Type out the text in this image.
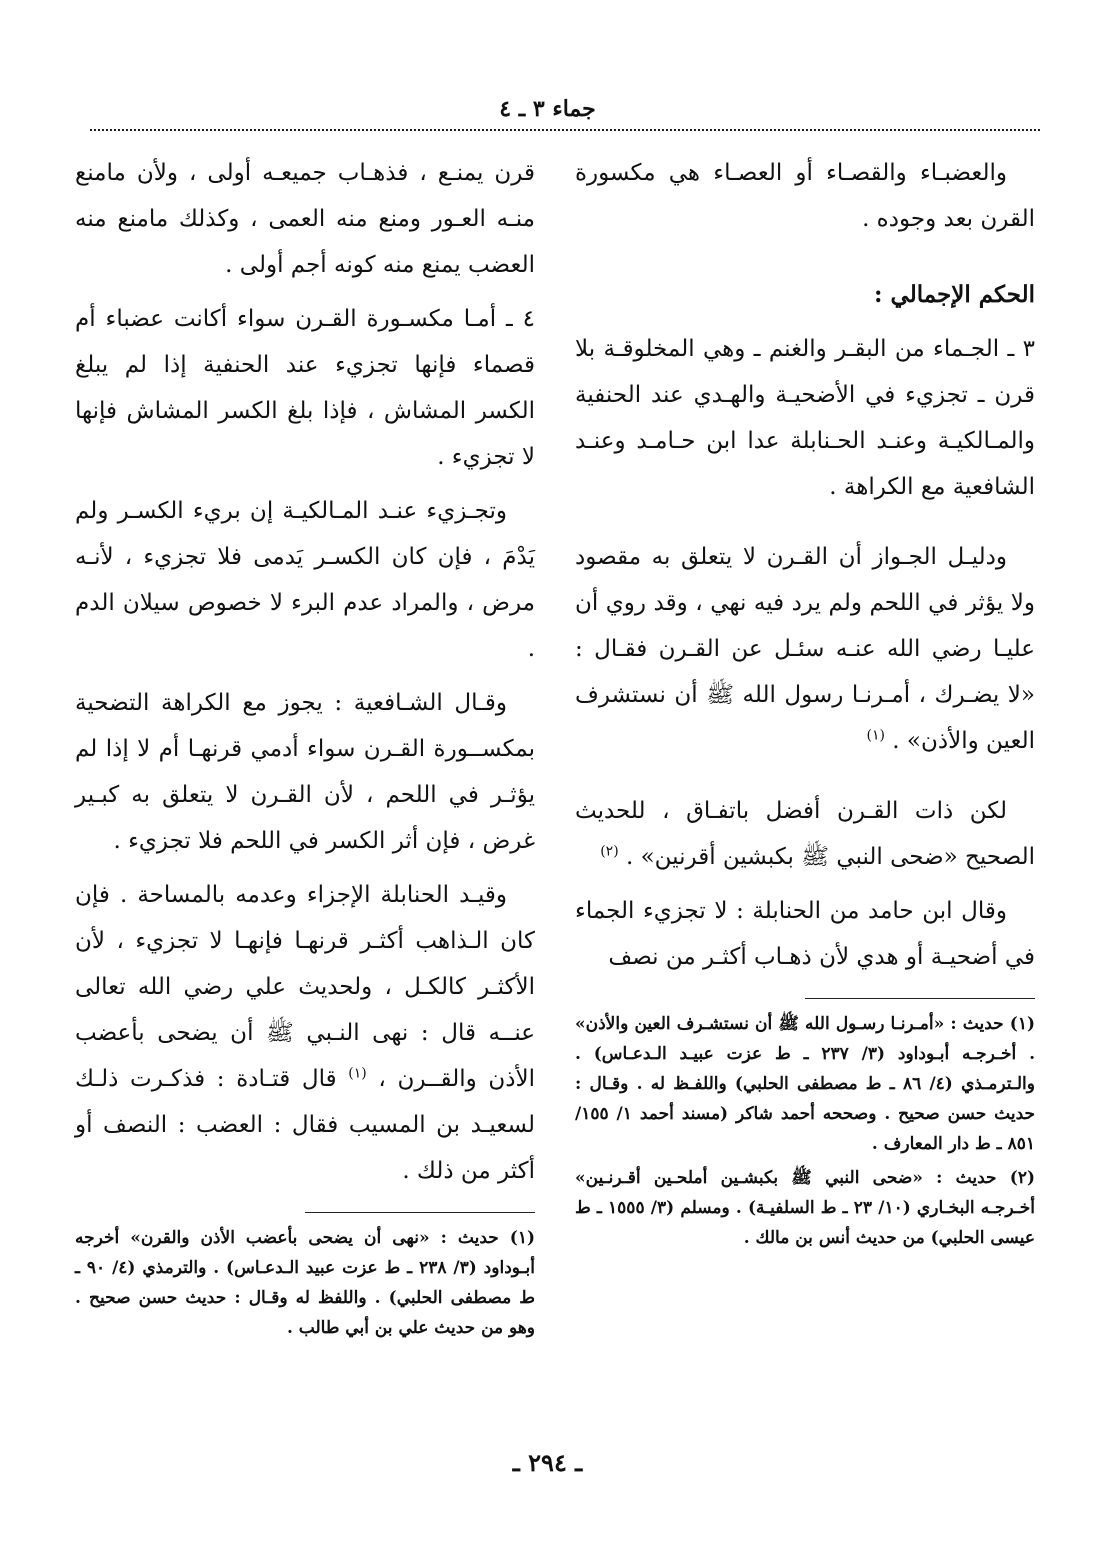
جماء ٣ ـ ٤

والعضبـاء والقصـاء أو العصـاء هي مكسورة القرن بعد وجوده .

الحكم الإجمالي :

٣ ـ الجـماء من البقـر والغنم ـ وهي المخلوقـة بلا قرن ـ تجزيء في الأضحيـة والهـدي عند الحنفية والمـالكيـة وعنـد الحـنابلة عدا ابن حـامـد وعنـد الشافعية مع الكراهة .

ودليـل الجـواز أن القـرن لا يتعلق به مقصود ولا يؤثر في اللحم ولم يرد فيه نهي ، وقد روي أن عليـا رضي الله عنـه سئـل عن القـرن فقـال : «لا يضـرك ، أمـرنـا رسول الله ﷺ أن نستشرف العين والأذن» . $^{(١)}$

لكن ذات القـرن أفضل باتفـاق ، للحديث الصحيح «ضحى النبي ﷺ بكبشين أقرنين» . $^{(٢)}$

وقال ابن حامد من الحنابلة : لا تجزيء الجماء في أضحيـة أو هدي لأن ذهـاب أكثـر من نصف

(١) حديث : «أمـرنـا رسـول الله ﷺ أن نستشـرف العين والأذن» . أخـرجـه أبـوداود (٣/ ٢٣٧ ـ ط عزت عبيـد الـدعـاس) . والـترمـذي (٤/ ٨٦ ـ ط مصطفى الحلبي) واللفـظ له . وقـال : حديث حسن صحيح . وصححه أحمد شاكر (مسند أحمد ١/ ١٥٥/ ٨٥١ ـ ط دار المعارف .

(٢) حديث : «ضحى النبي ﷺ بكبشـين أملحـين أقـرنـين» أخـرجـه البخـاري (١٠/ ٢٣ ـ ط السلفيـة) . ومسلم (٣/ ١٥٥٥ ـ ط عيسى الحلبي) من حديث أنس بن مالك .

قرن يمنـع ، فذهـاب جميعـه أولى ، ولأن مامنع منـه العـور ومنع منه العمى ، وكذلك مامنع منه العضب يمنع منه كونه أجم أولى .

٤ ـ أمـا مكسـورة القـرن سواء أكانت عضباء أم قصماء فإنها تجزيء عند الحنفية إذا لم يبلغ الكسر المشاش ، فإذا بلغ الكسر المشاش فإنها لا تجزيء .

وتجـزيء عنـد المـالكيـة إن بريء الكسـر ولم يَدْمَ ، فإن كان الكسـر يَدمى فلا تجزيء ، لأنـه مرض ، والمراد عدم البرء لا خصوص سيلان الدم .

وقـال الشـافعية : يجوز مع الكراهة التضحية بمكســورة القـرن سواء أدمي قرنهـا أم لا إذا لم يؤثـر في اللحم ، لأن القـرن لا يتعلق به كبـير غرض ، فإن أثر الكسر في اللحم فلا تجزيء .

وقيـد الحنابلة الإجزاء وعدمه بالمساحة . فإن كان الـذاهب أكثـر قرنهـا فإنهـا لا تجزيء ، لأن الأكثـر كالكـل ، ولحديث علي رضي الله تعالى عنــه قال : نهى النـبي ﷺ أن يضحى بأعضب الأذن والقــرن ، $^{(١)}$ قال قتـادة : فذكـرت ذلـك لسعيـد بن المسيب فقال : العضب : النصف أو أكثر من ذلك .

(١) حديث : «نهى أن يضحى بأعضب الأذن والقرن» أخرجه أبـوداود (٣/ ٢٣٨ ـ ط عزت عبيد الـدعـاس) . والترمذي (٤/ ٩٠ ـ ط مصطفى الحلبي) . واللفظ له وقـال : حديث حسن صحيح . وهو من حديث علي بن أبي طالب .

ـ ٢٩٤ ـ
